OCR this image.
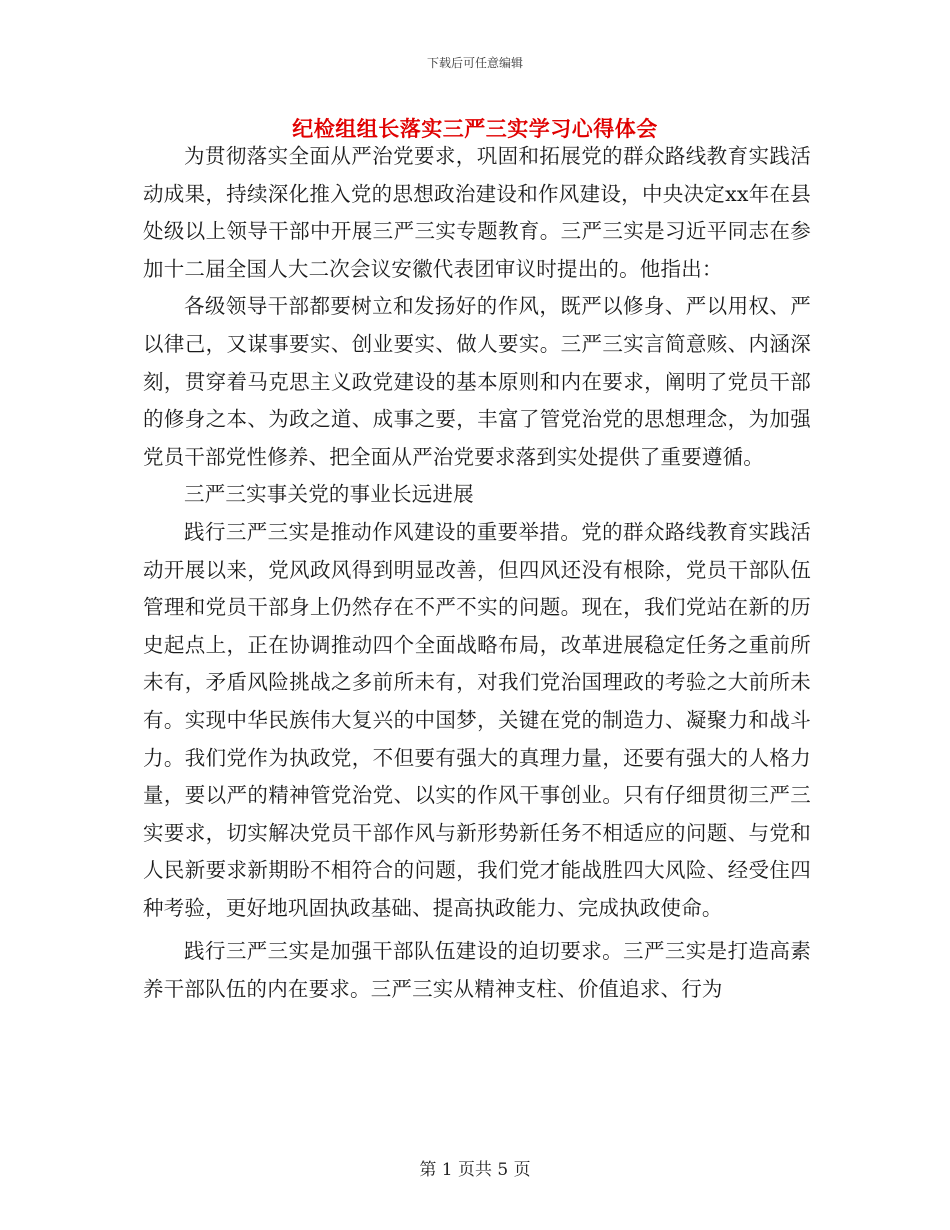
下载后可任意编辑
纪检组组长落实三严三实学习心得体会

为贯彻落实全面从严治党要求，巩固和拓展党的群众路线教育实践活动成果，持续深化推入党的思想政治建设和作风建设，中央决定xx年在县处级以上领导干部中开展三严三实专题教育。三严三实是习近平同志在参加十二届全国人大二次会议安徽代表团审议时提出的。他指出：

各级领导干部都要树立和发扬好的作风，既严以修身、严以用权、严以律己，又谋事要实、创业要实、做人要实。三严三实言简意赅、内涵深刻，贯穿着马克思主义政党建设的基本原则和内在要求，阐明了党员干部的修身之本、为政之道、成事之要，丰富了管党治党的思想理念，为加强党员干部党性修养、把全面从严治党要求落到实处提供了重要遵循。

三严三实事关党的事业长远进展

践行三严三实是推动作风建设的重要举措。党的群众路线教育实践活动开展以来，党风政风得到明显改善，但四风还没有根除，党员干部队伍管理和党员干部身上仍然存在不严不实的问题。现在，我们党站在新的历史起点上，正在协调推动四个全面战略布局，改革进展稳定任务之重前所未有，矛盾风险挑战之多前所未有，对我们党治国理政的考验之大前所未有。实现中华民族伟大复兴的中国梦，关键在党的制造力、凝聚力和战斗力。我们党作为执政党，不但要有强大的真理力量，还要有强大的人格力量，要以严的精神管党治党、以实的作风干事创业。只有仔细贯彻三严三实要求，切实解决党员干部作风与新形势新任务不相适应的问题、与党和人民新要求新期盼不相符合的问题，我们党才能战胜四大风险、经受住四种考验，更好地巩固执政基础、提高执政能力、完成执政使命。

践行三严三实是加强干部队伍建设的迫切要求。三严三实是打造高素养干部队伍的内在要求。三严三实从精神支柱、价值追求、行为

第 1 页共 5 页
